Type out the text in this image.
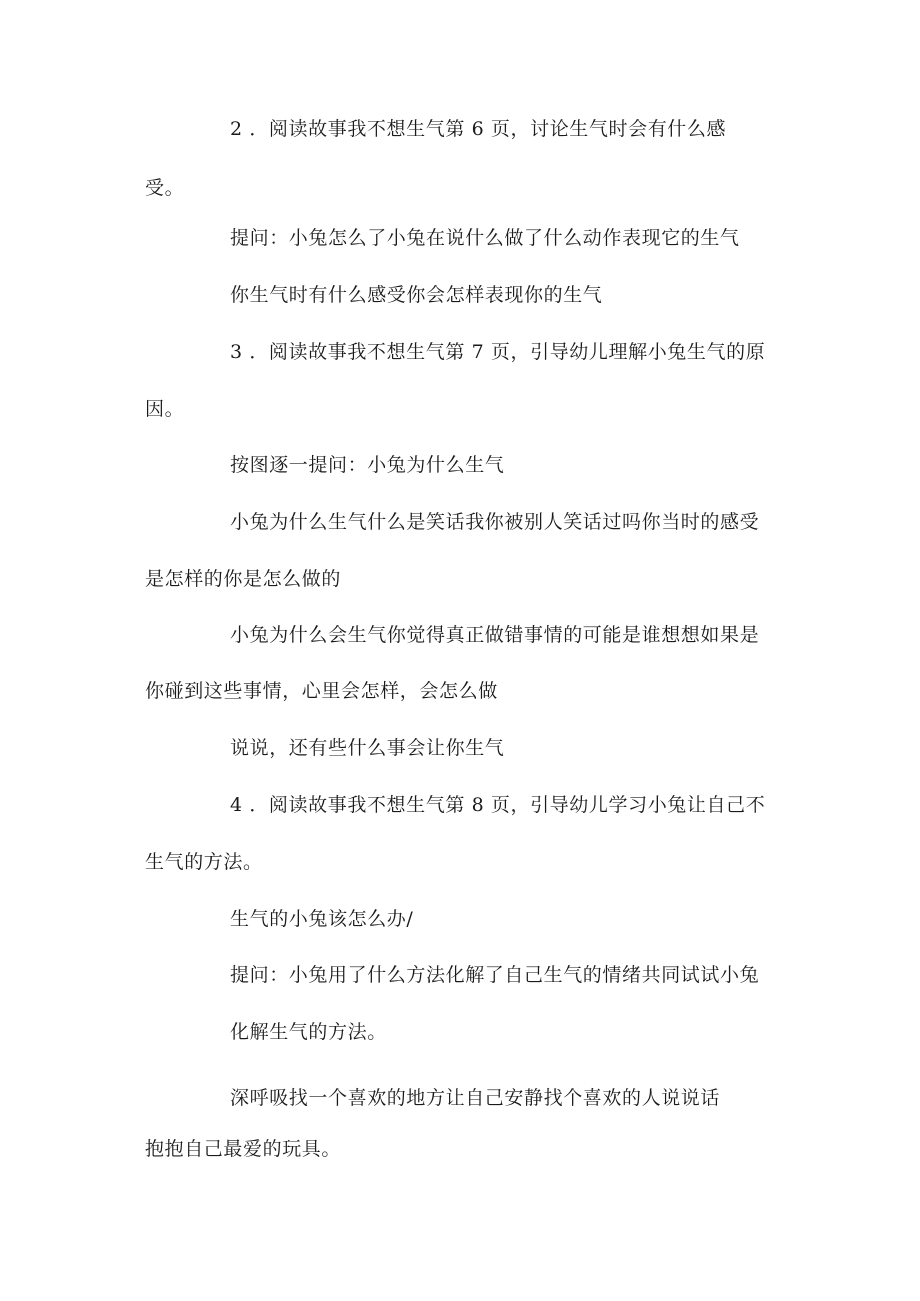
2 ．阅读故事我不想生气第 6 页，讨论生气时会有什么感
受。
提问：小兔怎么了小兔在说什么做了什么动作表现它的生气
你生气时有什么感受你会怎样表现你的生气
3 ．阅读故事我不想生气第 7 页，引导幼儿理解小兔生气的原
因。
按图逐一提问：小兔为什么生气
小兔为什么生气什么是笑话我你被别人笑话过吗你当时的感受
是怎样的你是怎么做的
小兔为什么会生气你觉得真正做错事情的可能是谁想想如果是
你碰到这些事情，心里会怎样，会怎么做
说说，还有些什么事会让你生气
4 ．阅读故事我不想生气第 8 页，引导幼儿学习小兔让自己不
生气的方法。
生气的小兔该怎么办/
提问：小兔用了什么方法化解了自己生气的情绪共同试试小兔
化解生气的方法。
深呼吸找一个喜欢的地方让自己安静找个喜欢的人说说话
抱抱自己最爱的玩具。
